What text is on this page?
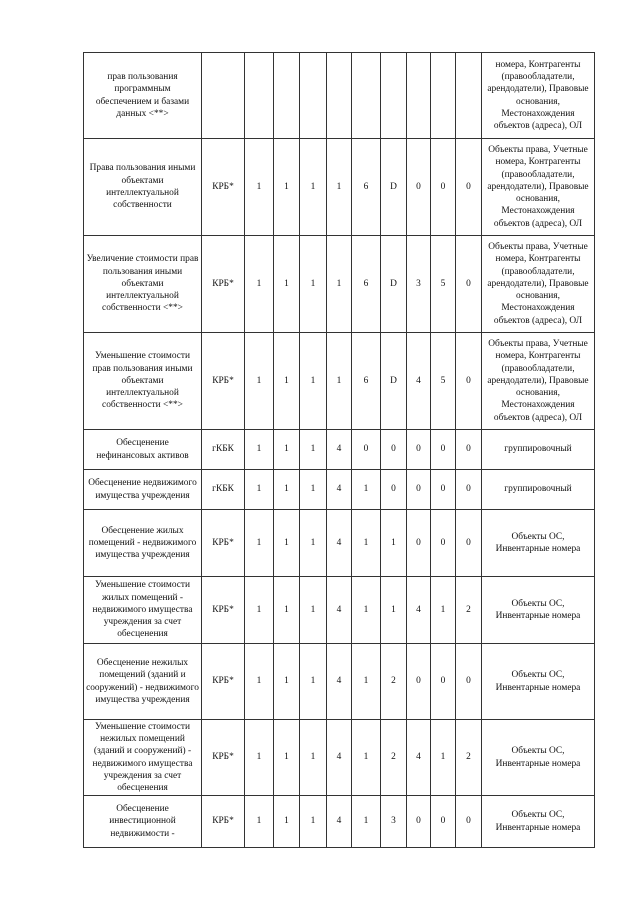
прав пользования программным обеспечением и базами данных <**>											номера, Контрагенты (правообладатели, арендодатели), Правовые основания, Местонахождения объектов (адреса), ОЛ
Права пользования иными объектами интеллектуальной собственности	КРБ*	1	1	1	1	6	D	0	0	0	Объекты права, Учетные номера, Контрагенты (правообладатели, арендодатели), Правовые основания, Местонахождения объектов (адреса), ОЛ
Увеличение стоимости прав пользования иными объектами интеллектуальной собственности <**>	КРБ*	1	1	1	1	6	D	3	5	0	Объекты права, Учетные номера, Контрагенты (правообладатели, арендодатели), Правовые основания, Местонахождения объектов (адреса), ОЛ
Уменьшение стоимости прав пользования иными объектами интеллектуальной собственности <**>	КРБ*	1	1	1	1	6	D	4	5	0	Объекты права, Учетные номера, Контрагенты (правообладатели, арендодатели), Правовые основания, Местонахождения объектов (адреса), ОЛ
Обесценение нефинансовых активов	гКБК	1	1	1	4	0	0	0	0	0	группировочный
Обесценение недвижимого имущества учреждения	гКБК	1	1	1	4	1	0	0	0	0	группировочный
Обесценение жилых помещений - недвижимого имущества учреждения	КРБ*	1	1	1	4	1	1	0	0	0	Объекты ОС, Инвентарные номера
Уменьшение стоимости жилых помещений - недвижимого имущества учреждения за счет обесценения	КРБ*	1	1	1	4	1	1	4	1	2	Объекты ОС, Инвентарные номера
Обесценение нежилых помещений (зданий и сооружений) - недвижимого имущества учреждения	КРБ*	1	1	1	4	1	2	0	0	0	Объекты ОС, Инвентарные номера
Уменьшение стоимости нежилых помещений (зданий и сооружений) - недвижимого имущества учреждения за счет обесценения	КРБ*	1	1	1	4	1	2	4	1	2	Объекты ОС, Инвентарные номера
Обесценение инвестиционной недвижимости -	КРБ*	1	1	1	4	1	3	0	0	0	Объекты ОС, Инвентарные номера
